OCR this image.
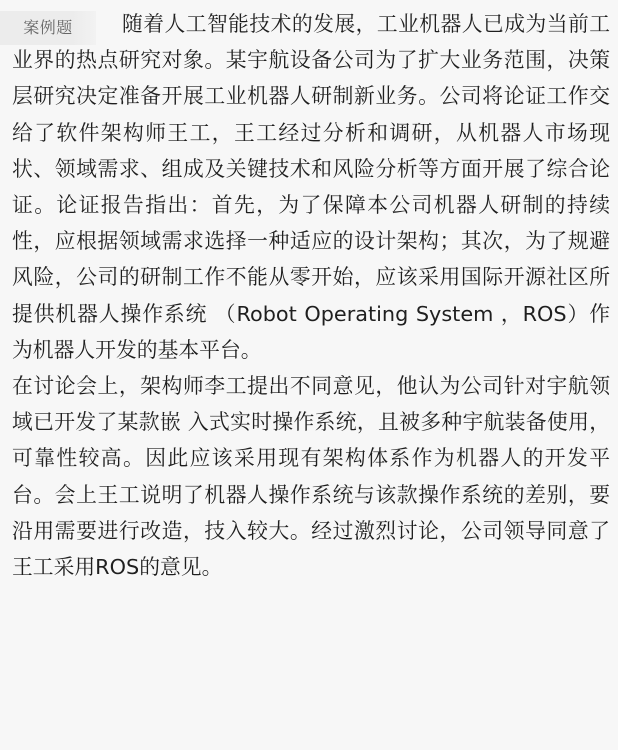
随着人工智能技术的发展，工业机器人已成为当前工业界的热点研究对象。某宇航设备公司为了扩大业务范围，决策层研究决定准备开展工业机器人研制新业务。公司将论证工作交给了软件架构师王工，王工经过分析和调研，从机器人市场现状、领域需求、组成及关键技术和风险分析等方面开展了综合论证。论证报告指出：首先，为了保障本公司机器人研制的持续性，应根据领域需求选择一种适应的设计架构；其次，为了规避风险，公司的研制工作不能从零开始，应该采用国际开源社区所提供机器人操作系统 （Robot Operating System ，ROS）作为机器人开发的基本平台。
在讨论会上，架构师李工提出不同意见，他认为公司针对宇航领域已开发了某款嵌 入式实时操作系统，且被多种宇航装备使用，可靠性较高。因此应该采用现有架构体系作为机器人的开发平台。会上王工说明了机器人操作系统与该款操作系统的差别，要沿用需要进行改造，技入较大。经过激烈讨论，公司领导同意了王工采用ROS的意见。

案例题
